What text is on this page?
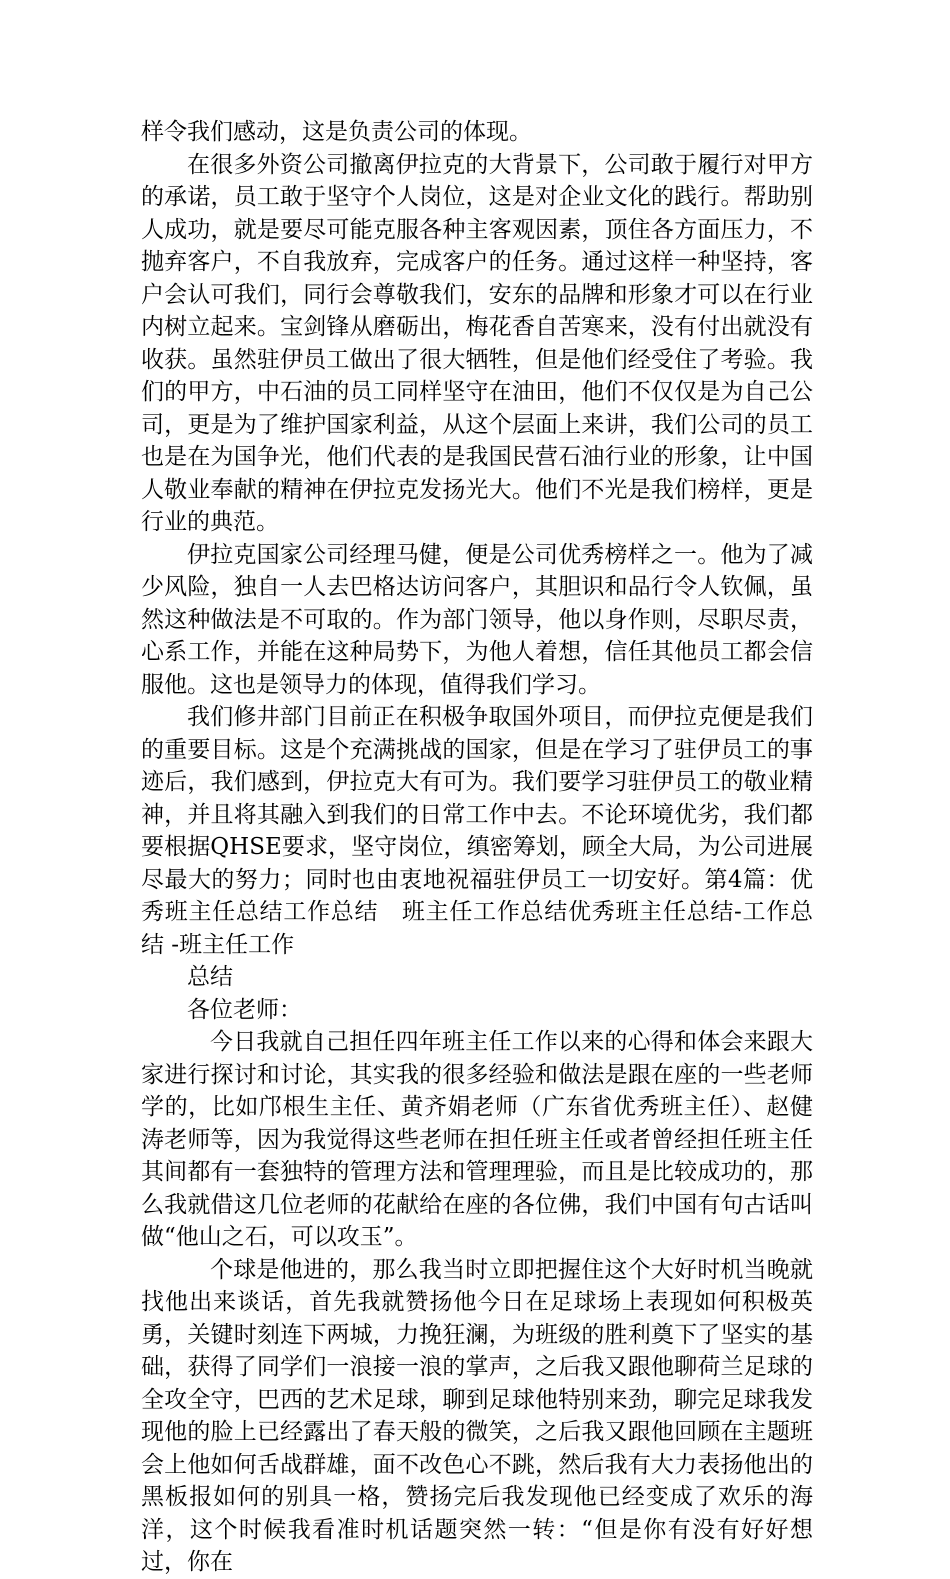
样令我们感动，这是负责公司的体现。

在很多外资公司撤离伊拉克的大背景下，公司敢于履行对甲方的承诺，员工敢于坚守个人岗位，这是对企业文化的践行。帮助别人成功，就是要尽可能克服各种主客观因素，顶住各方面压力，不抛弃客户，不自我放弃，完成客户的任务。通过这样一种坚持，客户会认可我们，同行会尊敬我们，安东的品牌和形象才可以在行业内树立起来。宝剑锋从磨砺出，梅花香自苦寒来，没有付出就没有收获。虽然驻伊员工做出了很大牺牲，但是他们经受住了考验。我们的甲方，中石油的员工同样坚守在油田，他们不仅仅是为自己公司，更是为了维护国家利益，从这个层面上来讲，我们公司的员工也是在为国争光，他们代表的是我国民营石油行业的形象，让中国人敬业奉献的精神在伊拉克发扬光大。他们不光是我们榜样，更是行业的典范。

伊拉克国家公司经理马健，便是公司优秀榜样之一。他为了减少风险，独自一人去巴格达访问客户，其胆识和品行令人钦佩，虽然这种做法是不可取的。作为部门领导，他以身作则，尽职尽责，心系工作，并能在这种局势下，为他人着想，信任其他员工都会信服他。这也是领导力的体现，值得我们学习。

我们修井部门目前正在积极争取国外项目，而伊拉克便是我们的重要目标。这是个充满挑战的国家，但是在学习了驻伊员工的事迹后，我们感到，伊拉克大有可为。我们要学习驻伊员工的敬业精神，并且将其融入到我们的日常工作中去。不论环境优劣，我们都要根据QHSE要求，坚守岗位，缜密筹划，顾全大局，为公司进展尽最大的努力；同时也由衷地祝福驻伊员工一切安好。第4篇：优秀班主任总结工作总结　班主任工作总结优秀班主任总结-工作总结 -班主任工作

总结

各位老师：

今日我就自己担任四年班主任工作以来的心得和体会来跟大家进行探讨和讨论，其实我的很多经验和做法是跟在座的一些老师学的，比如邝根生主任、黄齐娟老师（广东省优秀班主任）、赵健涛老师等，因为我觉得这些老师在担任班主任或者曾经担任班主任其间都有一套独特的管理方法和管理理验，而且是比较成功的，那么我就借这几位老师的花献给在座的各位佛，我们中国有句古话叫做“他山之石，可以攻玉”。

个球是他进的，那么我当时立即把握住这个大好时机当晚就找他出来谈话，首先我就赞扬他今日在足球场上表现如何积极英勇，关键时刻连下两城，力挽狂澜，为班级的胜利奠下了坚实的基础，获得了同学们一浪接一浪的掌声，之后我又跟他聊荷兰足球的全攻全守，巴西的艺术足球，聊到足球他特别来劲，聊完足球我发现他的脸上已经露出了春天般的微笑，之后我又跟他回顾在主题班会上他如何舌战群雄，面不改色心不跳，然后我有大力表扬他出的黑板报如何的别具一格，赞扬完后我发现他已经变成了欢乐的海洋，这个时候我看准时机话题突然一转：“但是你有没有好好想过，你在
